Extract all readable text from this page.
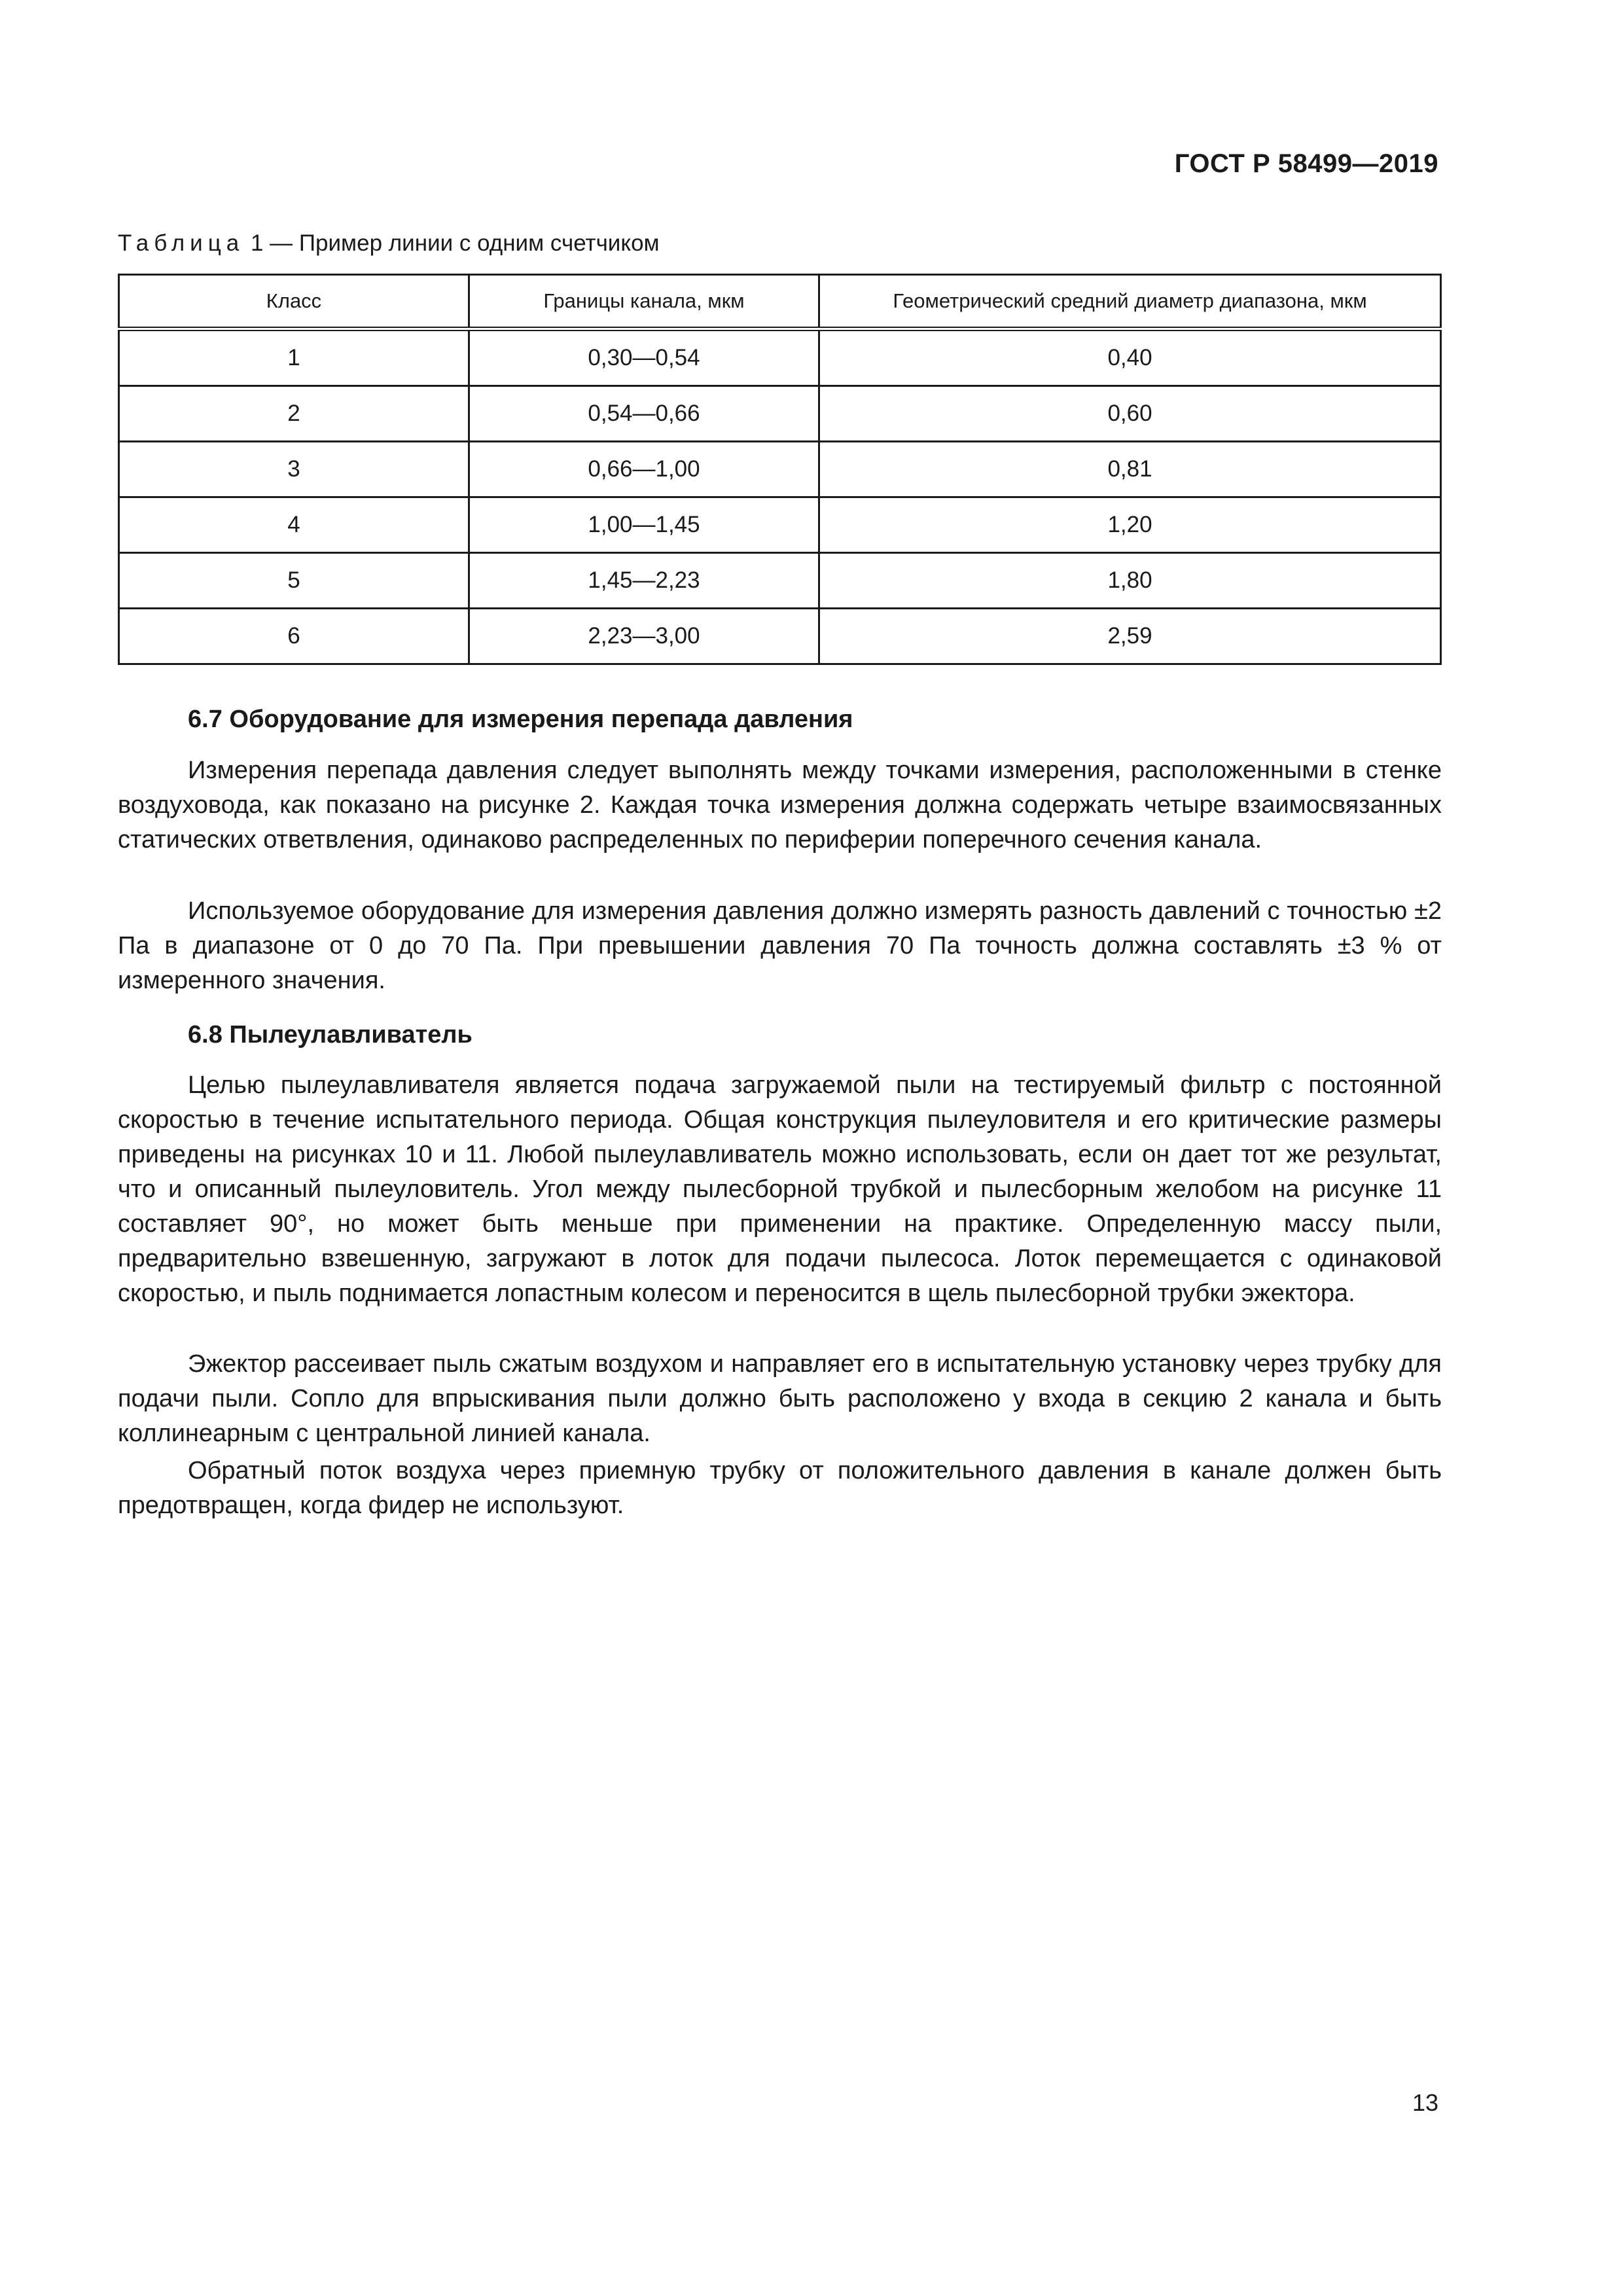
ГОСТ Р 58499—2019
Таблица 1 — Пример линии с одним счетчиком
Класс	Границы канала, мкм	Геометрический средний диаметр диапазона, мкм
1	0,30—0,54	0,40
2	0,54—0,66	0,60
3	0,66—1,00	0,81
4	1,00—1,45	1,20
5	1,45—2,23	1,80
6	2,23—3,00	2,59
6.7 Оборудование для измерения перепада давления

Измерения перепада давления следует выполнять между точками измерения, расположенными в стенке воздуховода, как показано на рисунке 2. Каждая точка измерения должна содержать четыре взаимосвязанных статических ответвления, одинаково распределенных по периферии поперечного сечения канала.

Используемое оборудование для измерения давления должно измерять разность давлений с точностью ±2 Па в диапазоне от 0 до 70 Па. При превышении давления 70 Па точность должна составлять ±3 % от измеренного значения.

6.8 Пылеулавливатель

Целью пылеулавливателя является подача загружаемой пыли на тестируемый фильтр с постоянной скоростью в течение испытательного периода. Общая конструкция пылеуловителя и его критические размеры приведены на рисунках 10 и 11. Любой пылеулавливатель можно использовать, если он дает тот же результат, что и описанный пылеуловитель. Угол между пылесборной трубкой и пылесборным желобом на рисунке 11 составляет 90°, но может быть меньше при применении на практике. Определенную массу пыли, предварительно взвешенную, загружают в лоток для подачи пылесоса. Лоток перемещается с одинаковой скоростью, и пыль поднимается лопастным колесом и переносится в щель пылесборной трубки эжектора.

Эжектор рассеивает пыль сжатым воздухом и направляет его в испытательную установку через трубку для подачи пыли. Сопло для впрыскивания пыли должно быть расположено у входа в секцию 2 канала и быть коллинеарным с центральной линией канала.

Обратный поток воздуха через приемную трубку от положительного давления в канале должен быть предотвращен, когда фидер не используют.

13
